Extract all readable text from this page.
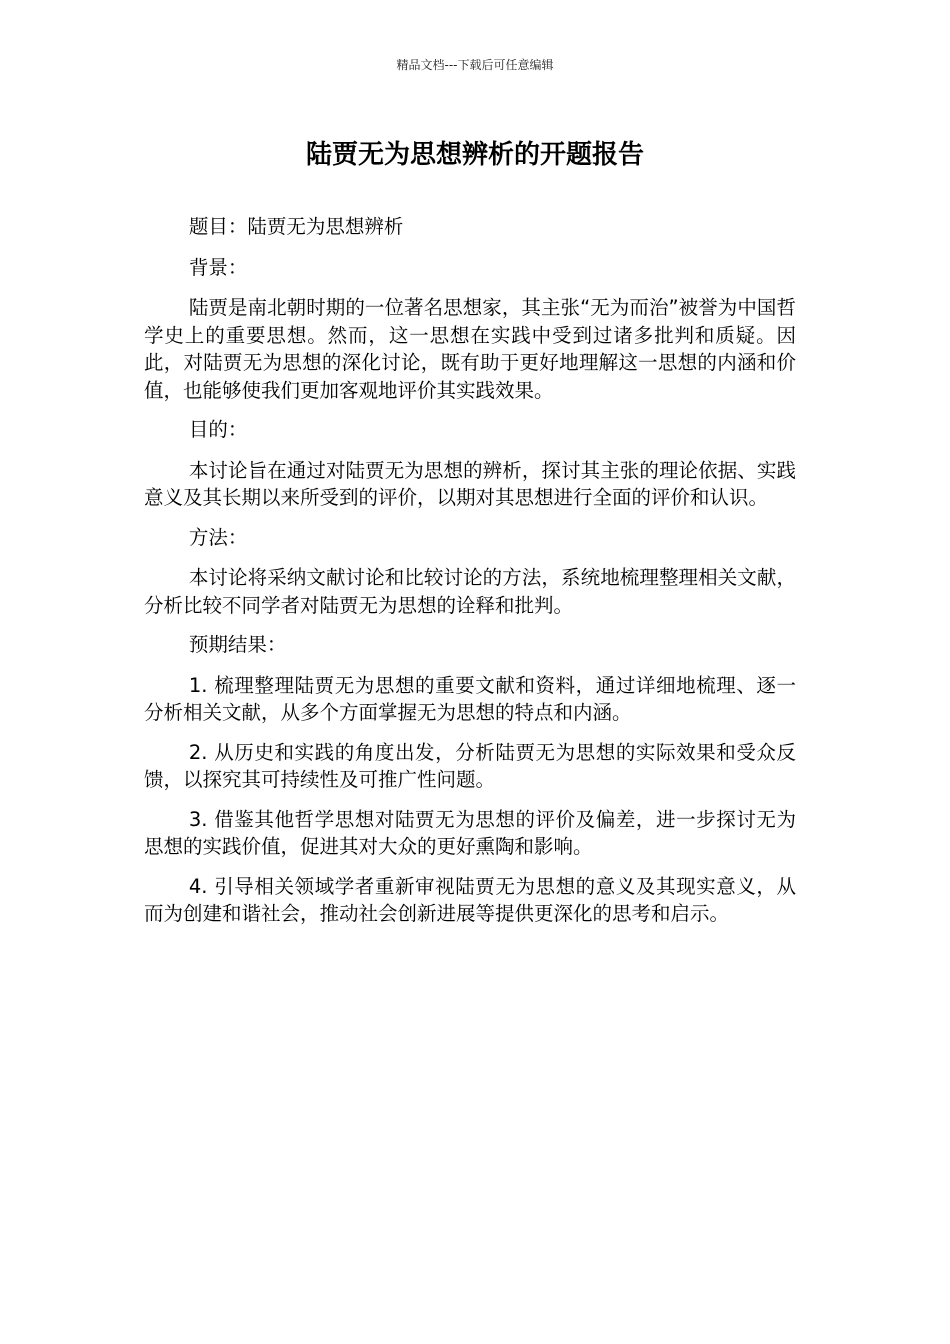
精品文档---下载后可任意编辑
陆贾无为思想辨析的开题报告

题目：陆贾无为思想辨析

背景：

陆贾是南北朝时期的一位著名思想家，其主张“无为而治”被誉为中国哲学史上的重要思想。然而，这一思想在实践中受到过诸多批判和质疑。因此，对陆贾无为思想的深化讨论，既有助于更好地理解这一思想的内涵和价值，也能够使我们更加客观地评价其实践效果。

目的：

本讨论旨在通过对陆贾无为思想的辨析，探讨其主张的理论依据、实践意义及其长期以来所受到的评价，以期对其思想进行全面的评价和认识。

方法：

本讨论将采纳文献讨论和比较讨论的方法，系统地梳理整理相关文献，分析比较不同学者对陆贾无为思想的诠释和批判。

预期结果：

1. 梳理整理陆贾无为思想的重要文献和资料，通过详细地梳理、逐一分析相关文献，从多个方面掌握无为思想的特点和内涵。

2. 从历史和实践的角度出发，分析陆贾无为思想的实际效果和受众反馈，以探究其可持续性及可推广性问题。

3. 借鉴其他哲学思想对陆贾无为思想的评价及偏差，进一步探讨无为思想的实践价值，促进其对大众的更好熏陶和影响。

4. 引导相关领域学者重新审视陆贾无为思想的意义及其现实意义，从而为创建和谐社会，推动社会创新进展等提供更深化的思考和启示。
